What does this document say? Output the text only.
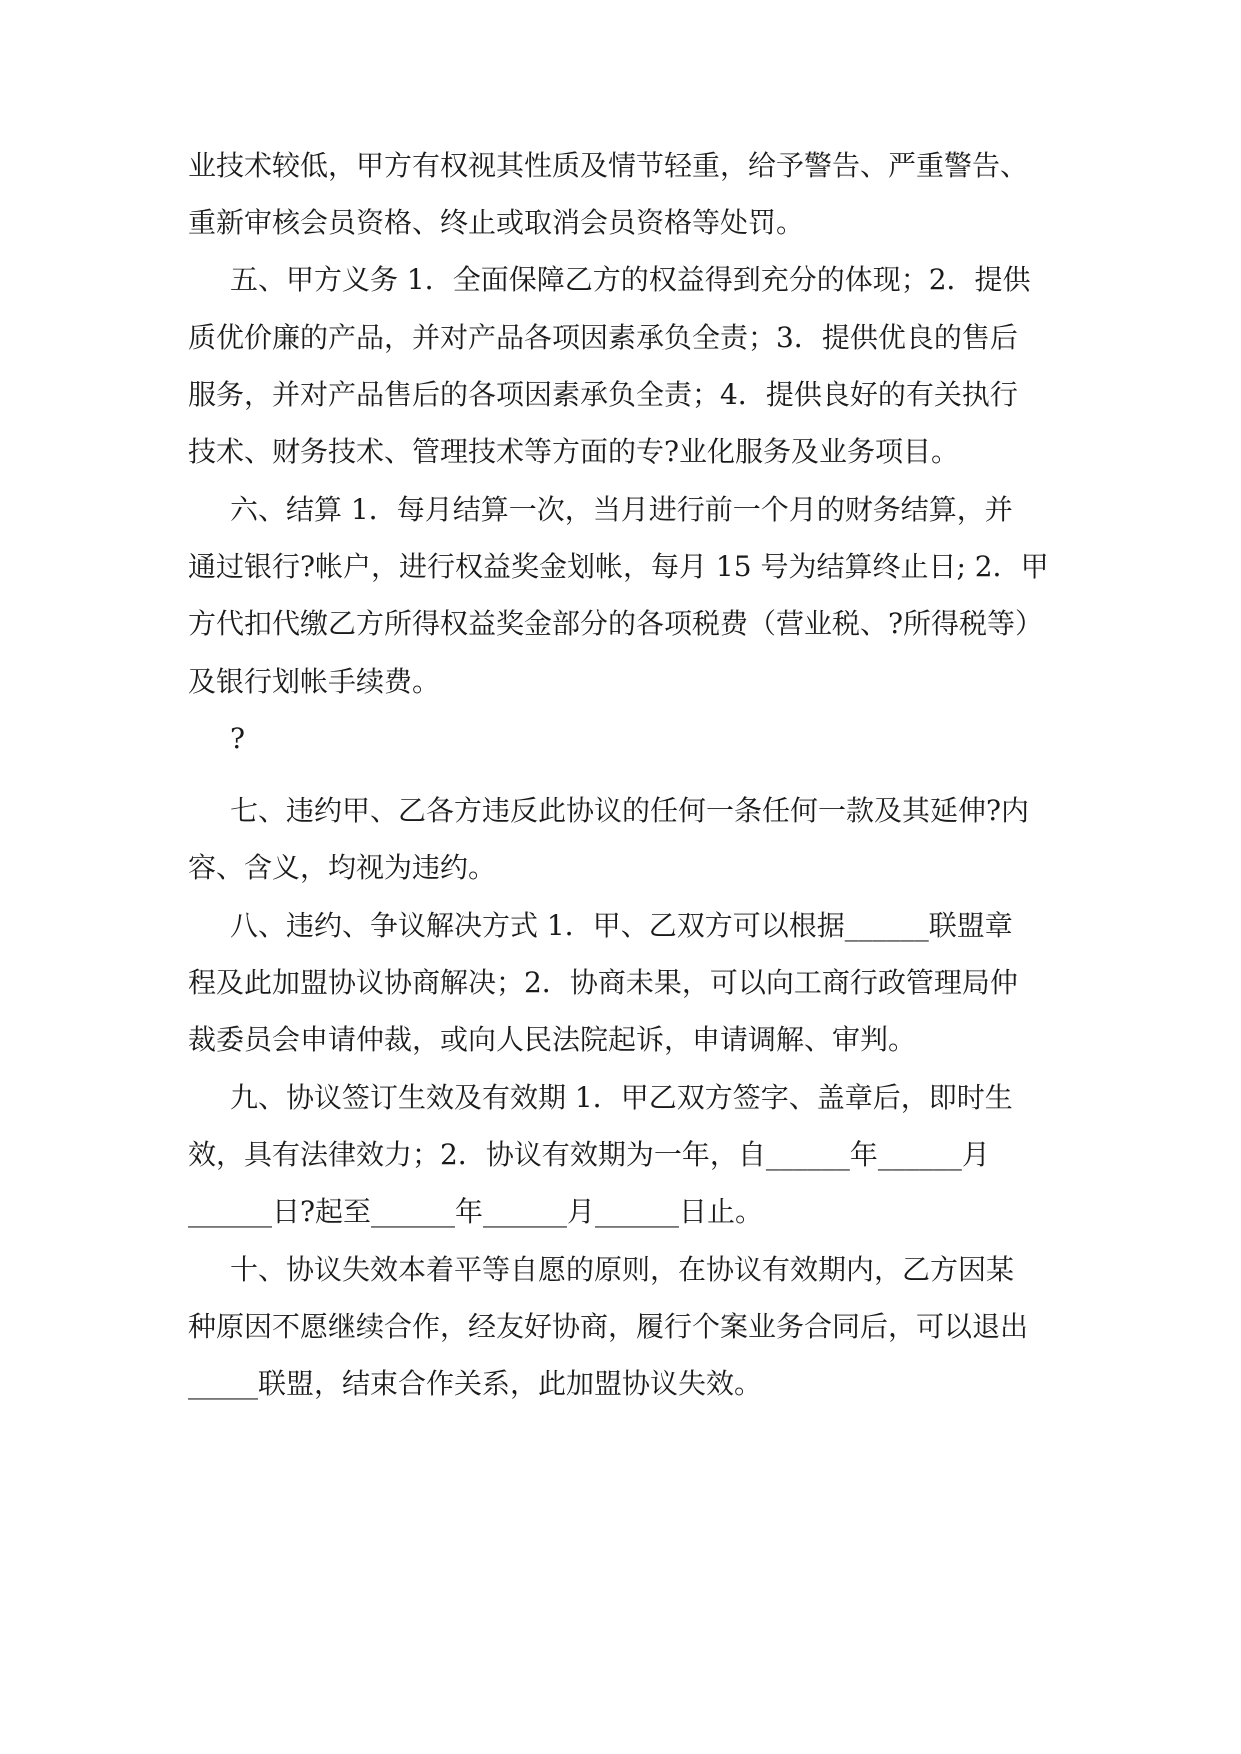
业技术较低，甲方有权视其性质及情节轻重，给予警告、严重警告、

重新审核会员资格、终止或取消会员资格等处罚。

五、甲方义务 1．全面保障乙方的权益得到充分的体现；2．提供

质优价廉的产品，并对产品各项因素承负全责；3．提供优良的售后

服务，并对产品售后的各项因素承负全责；4．提供良好的有关执行

技术、财务技术、管理技术等方面的专?业化服务及业务项目。

六、结算 1．每月结算一次，当月进行前一个月的财务结算，并

通过银行?帐户，进行权益奖金划帐，每月 15 号为结算终止日; 2．甲

方代扣代缴乙方所得权益奖金部分的各项税费（营业税、?所得税等）

及银行划帐手续费。

?

七、违约甲、乙各方违反此协议的任何一条任何一款及其延伸?内

容、含义，均视为违约。

八、违约、争议解决方式 1．甲、乙双方可以根据______联盟章

程及此加盟协议协商解决；2．协商未果，可以向工商行政管理局仲

裁委员会申请仲裁，或向人民法院起诉，申请调解、审判。

九、协议签订生效及有效期 1．甲乙双方签字、盖章后，即时生

效，具有法律效力；2．协议有效期为一年，自______年______月

______日?起至______年______月______日止。

十、协议失效本着平等自愿的原则，在协议有效期内，乙方因某

种原因不愿继续合作，经友好协商，履行个案业务合同后，可以退出

_____联盟，结束合作关系，此加盟协议失效。
